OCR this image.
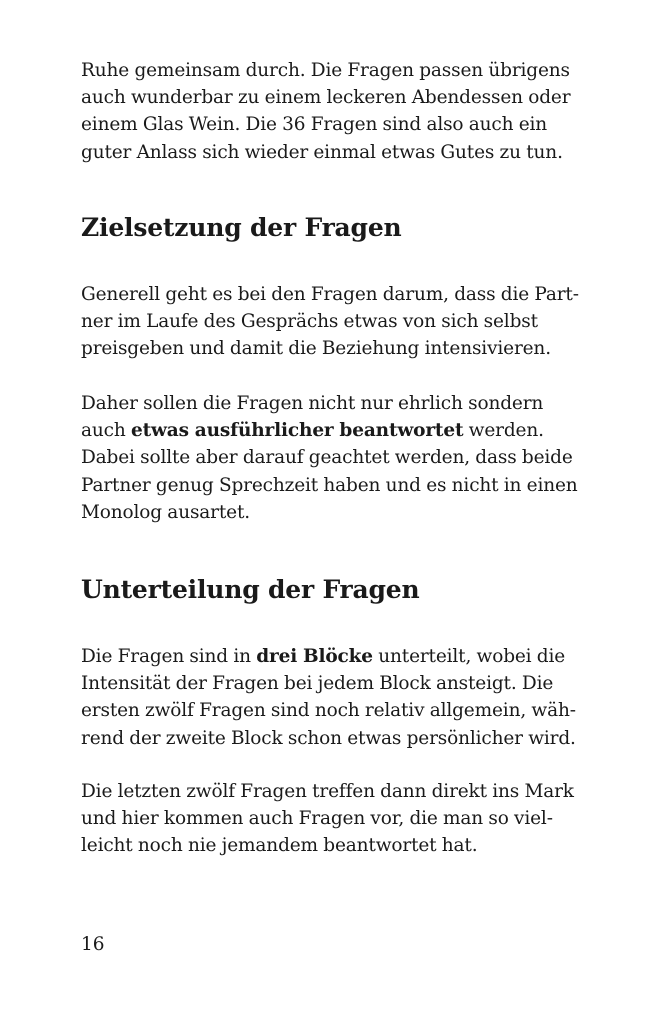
Ruhe gemeinsam durch. Die Fragen passen übrigens
auch wunderbar zu einem leckeren Abendessen oder
einem Glas Wein. Die 36 Fragen sind also auch ein
guter Anlass sich wieder einmal etwas Gutes zu tun.

Zielsetzung der Fragen

Generell geht es bei den Fragen darum, dass die Part-
ner im Laufe des Gesprächs etwas von sich selbst
preisgeben und damit die Beziehung intensivieren.

Daher sollen die Fragen nicht nur ehrlich sondern
auch etwas ausführlicher beantwortet werden.
Dabei sollte aber darauf geachtet werden, dass beide
Partner genug Sprechzeit haben und es nicht in einen
Monolog ausartet.

Unterteilung der Fragen

Die Fragen sind in drei Blöcke unterteilt, wobei die
Intensität der Fragen bei jedem Block ansteigt. Die
ersten zwölf Fragen sind noch relativ allgemein, wäh-
rend der zweite Block schon etwas persönlicher wird.

Die letzten zwölf Fragen treffen dann direkt ins Mark
und hier kommen auch Fragen vor, die man so viel-
leicht noch nie jemandem beantwortet hat.

16
